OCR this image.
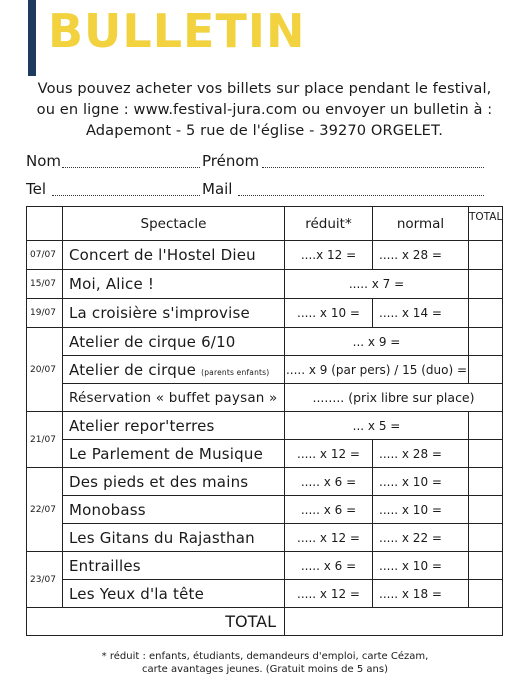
BULLETIN
Vous pouvez acheter vos billets sur place pendant le festival,
ou en ligne : www.festival-jura.com ou envoyer un bulletin à :
Adapemont - 5 rue de l'église - 39270 ORGELET.
Nom	Prénom
Tel	Mail
	Spectacle	réduit*	normal	TOTAL
07/07	Concert de l'Hostel Dieu	....x 12 =	..... x 28 =	
15/07	Moi, Alice !	..... x 7 =		
19/07	La croisière s'improvise	..... x 10 =	..... x 14 =	
20/07	Atelier de cirque 6/10	... x 9 =		
	Atelier de cirque (parents enfants)	..... x 9 (par pers) / 15 (duo) =		
	Réservation « buffet paysan »	........ (prix libre sur place)		
21/07	Atelier repor'terres	... x 5 =		
	Le Parlement de Musique	..... x 12 =	..... x 28 =	
22/07	Des pieds et des mains	..... x 6 =	..... x 10 =	
	Monobass	..... x 6 =	..... x 10 =	
	Les Gitans du Rajasthan	..... x 12 =	..... x 22 =	
23/07	Entrailles	..... x 6 =	..... x 10 =	
	Les Yeux d'la tête	..... x 12 =	..... x 18 =	
TOTAL				
* réduit : enfants, étudiants, demandeurs d'emploi, carte Cézam,
carte avantages jeunes. (Gratuit moins de 5 ans)
